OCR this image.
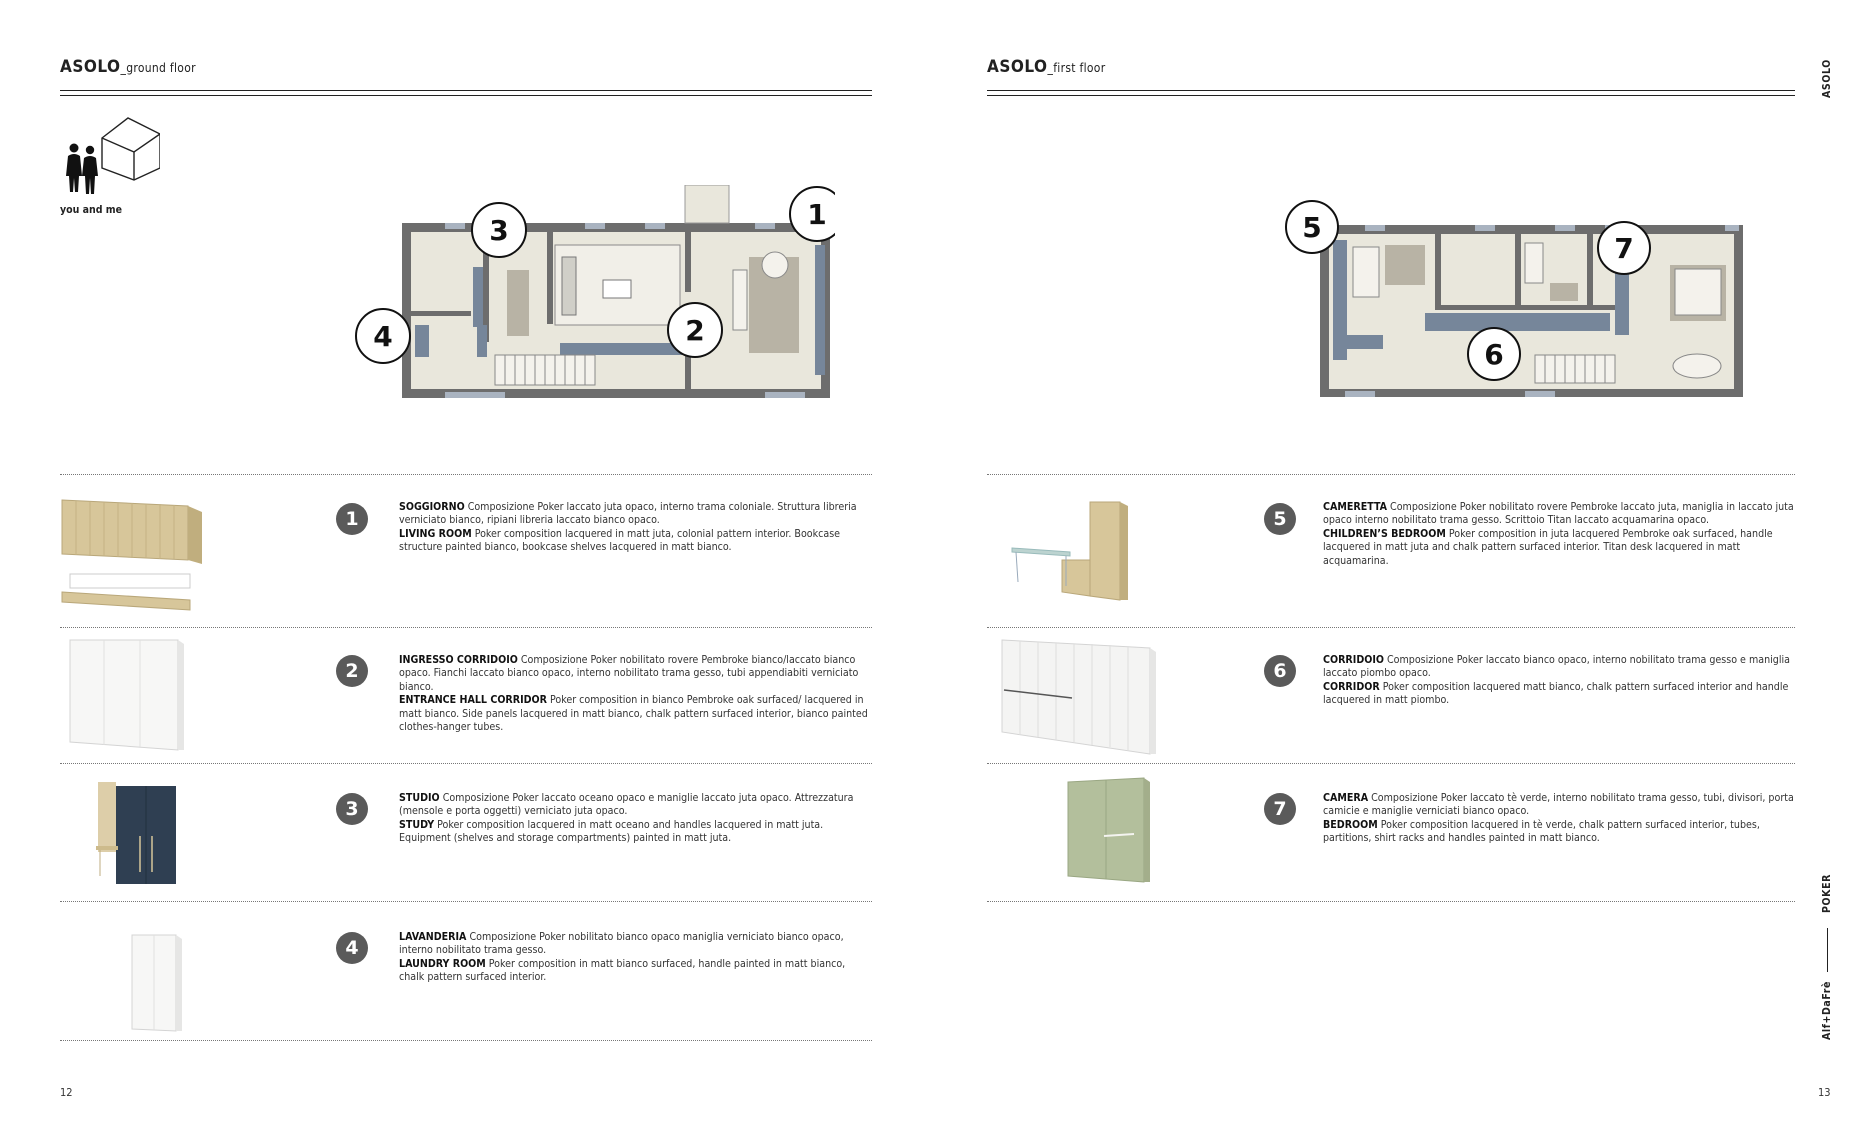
ASOLO_ground floor
you and me	1
2
3
4
1
SOGGIORNO Composizione Poker laccato juta opaco, interno trama coloniale. Struttura libreria verniciato bianco, ripiani libreria laccato bianco opaco.
LIVING ROOM Poker composition lacquered in matt juta, colonial pattern interior. Bookcase structure painted bianco, bookcase shelves lacquered in matt bianco.
2	INGRESSO CORRIDOIO Composizione Poker nobilitato rovere Pembroke bianco/laccato bianco opaco. Fianchi laccato bianco opaco, interno nobilitato trama gesso, tubi appendiabiti verniciato bianco.
ENTRANCE HALL CORRIDOR Poker composition in bianco Pembroke oak surfaced/ lacquered in matt bianco. Side panels lacquered in matt bianco, chalk pattern surfaced interior, bianco painted clothes-hanger tubes.
3	STUDIO Composizione Poker laccato oceano opaco e maniglie laccato juta opaco. Attrezzatura (mensole e porta oggetti) verniciato juta opaco.
STUDY Poker composition lacquered in matt oceano and handles lacquered in matt juta. Equipment (shelves and storage compartments) painted in matt juta.
4	LAVANDERIA Composizione Poker nobilitato bianco opaco maniglia verniciato bianco opaco, interno nobilitato trama gesso.
LAUNDRY ROOM Poker composition in matt bianco surfaced, handle painted in matt bianco, chalk pattern surfaced interior.
12
ASOLO_first floor
5
6
7
5
CAMERETTA Composizione Poker nobilitato rovere Pembroke laccato juta, maniglia in laccato juta opaco interno nobilitato trama gesso. Scrittoio Titan laccato acquamarina opaco.
CHILDREN’S BEDROOM Poker composition in juta lacquered Pembroke oak surfaced, handle lacquered in matt juta and chalk pattern surfaced interior. Titan desk lacquered in matt acquamarina.
6	CORRIDOIO Composizione Poker laccato bianco opaco, interno nobilitato trama gesso e maniglia laccato piombo opaco.
CORRIDOR Poker composition lacquered matt bianco, chalk pattern surfaced interior and handle lacquered in matt piombo.
7	CAMERA Composizione Poker laccato tè verde, interno nobilitato trama gesso, tubi, divisori, porta camicie e maniglie verniciati bianco opaco.
BEDROOM Poker composition lacquered in tè verde, chalk pattern surfaced interior, tubes, partitions, shirt racks and handles painted in matt bianco.
13
ASOLO
POKER
Alf+DaFrè
